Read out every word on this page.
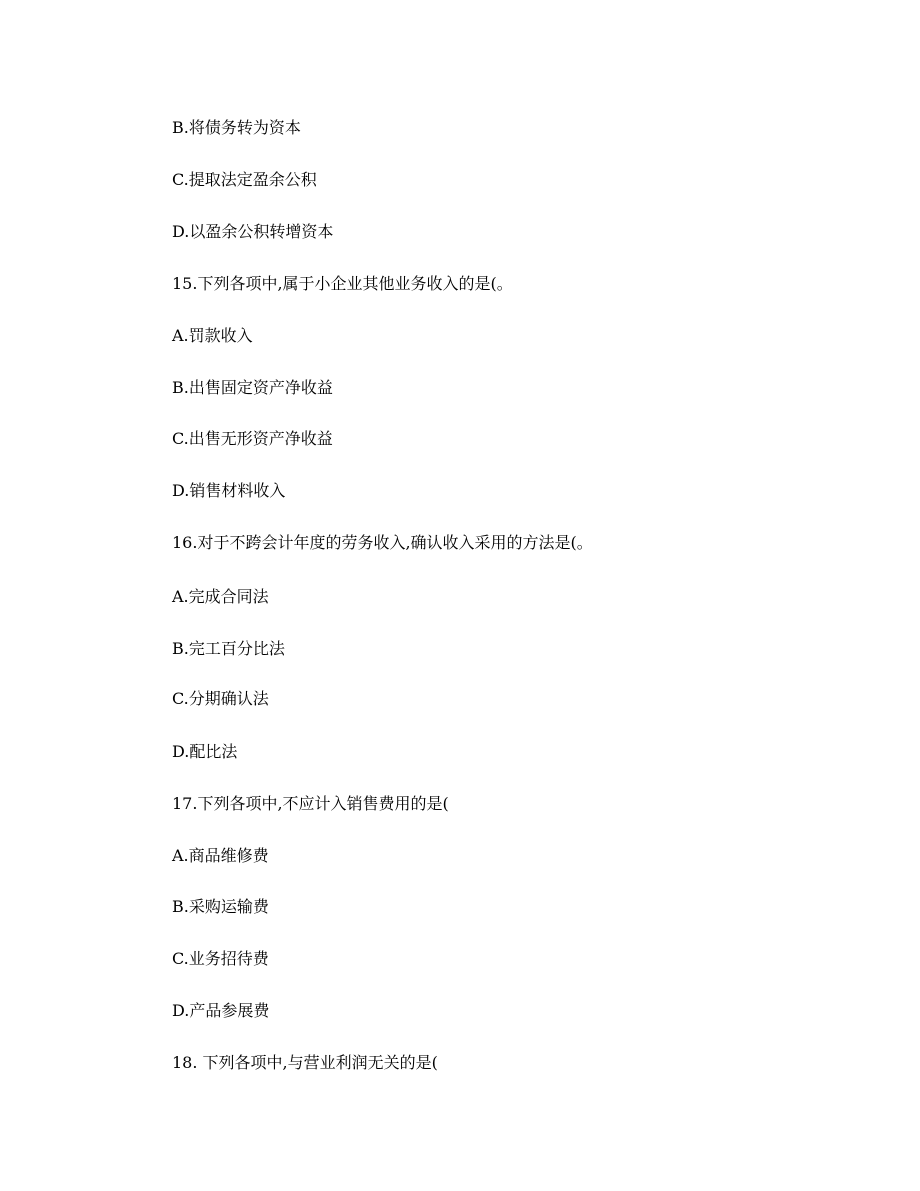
B.将债务转为资本

C.提取法定盈余公积

D.以盈余公积转增资本

15.下列各项中,属于小企业其他业务收入的是(。

A.罚款收入

B.出售固定资产净收益

C.出售无形资产净收益

D.销售材料收入

16.对于不跨会计年度的劳务收入,确认收入采用的方法是(。

A.完成合同法

B.完工百分比法

C.分期确认法

D.配比法

17.下列各项中,不应计入销售费用的是(

A.商品维修费

B.采购运输费

C.业务招待费

D.产品参展费

18. 下列各项中,与营业利润无关的是(
